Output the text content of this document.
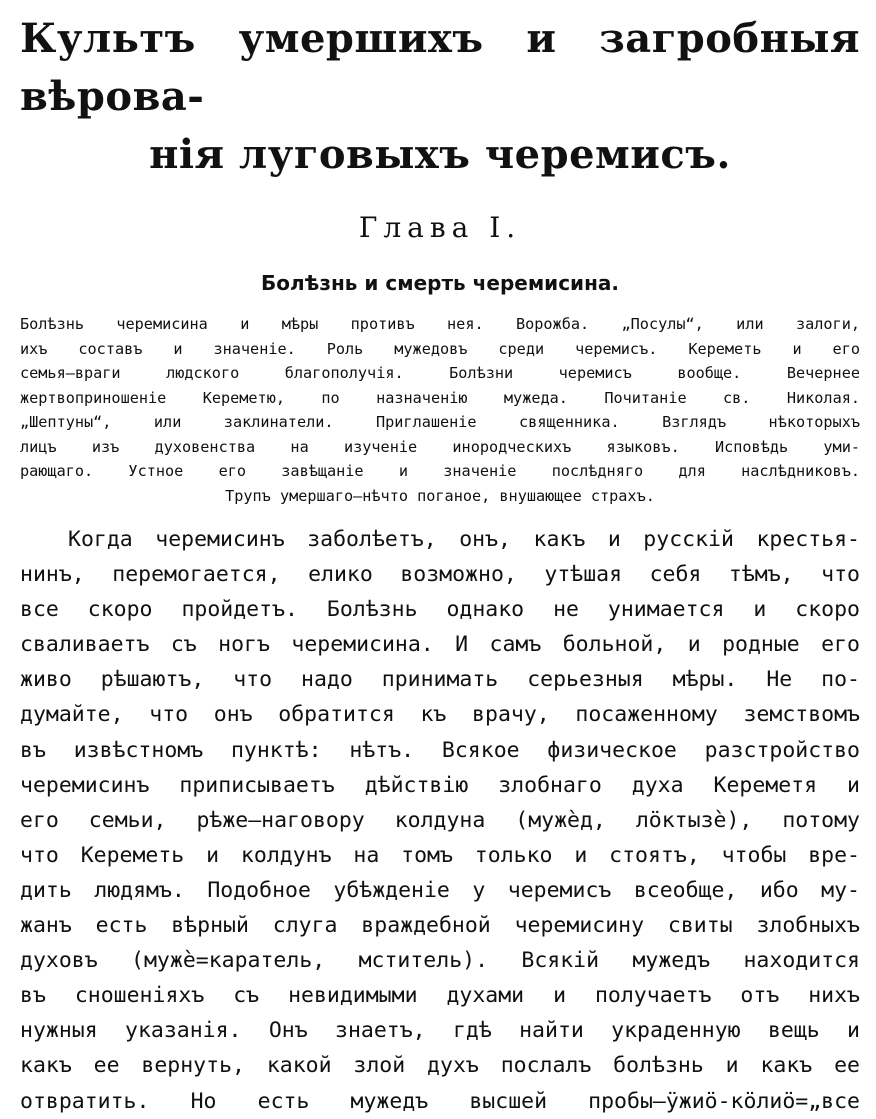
Культъ умершихъ и загробныя вѣрова-
нія луговыхъ черемисъ.
Глава I.
Болѣзнь и смерть черемисина.
Болѣзнь черемисина и мѣры противъ нея. Ворожба. „Посулы“, или залоги,
ихъ составъ и значеніе. Роль мужедовъ среди черемисъ. Кереметь и его
семья—враги людского благополучія. Болѣзни черемисъ вообще. Вечернее
жертвоприношеніе Кереметю, по назначенію мужеда. Почитаніе св. Николая.
„Шептуны“, или заклинатели. Приглашеніе священника. Взглядъ нѣкоторыхъ
лицъ изъ духовенства на изученіе инородческихъ языковъ. Исповѣдь уми-
рающаго. Устное его завѣщаніе и значеніе послѣдняго для наслѣдниковъ.
Трупъ умершаго—нѣчто поганое, внушающее страхъ.
Когда черемисинъ заболѣетъ, онъ, какъ и русскій крестья-
нинъ, перемогается, елико возможно, утѣшая себя тѣмъ, что
все скоро пройдетъ. Болѣзнь однако не унимается и скоро
сваливаетъ съ ногъ черемисина. И самъ больной, и родные его
живо рѣшаютъ, что надо принимать серьезныя мѣры. Не по-
думайте, что онъ обратится къ врачу, посаженному земствомъ
въ извѣстномъ пунктѣ: нѣтъ. Всякое физическое разстройство
черемисинъ приписываетъ дѣйствію злобнаго духа Кереметя и
его семьи, рѣже—наговору колдуна (мужѐд, лӧктызѐ), потому
что Кереметь и колдунъ на томъ только и стоятъ, чтобы вре-
дить людямъ. Подобное убѣжденіе у черемисъ всеобще, ибо му-
жанъ есть вѣрный слуга враждебной черемисину свиты злобныхъ
духовъ (мужѐ=каратель, мститель). Всякій мужедъ находится
въ сношеніяхъ съ невидимыми духами и получаетъ отъ нихъ
нужныя указанія. Онъ знаетъ, гдѣ найти украденную вещь и
какъ ее вернуть, какой злой духъ послалъ болѣзнь и какъ ее
отвратить. Но есть мужедъ высшей пробы—ӱжиӧ-кӧлиӧ=„все
